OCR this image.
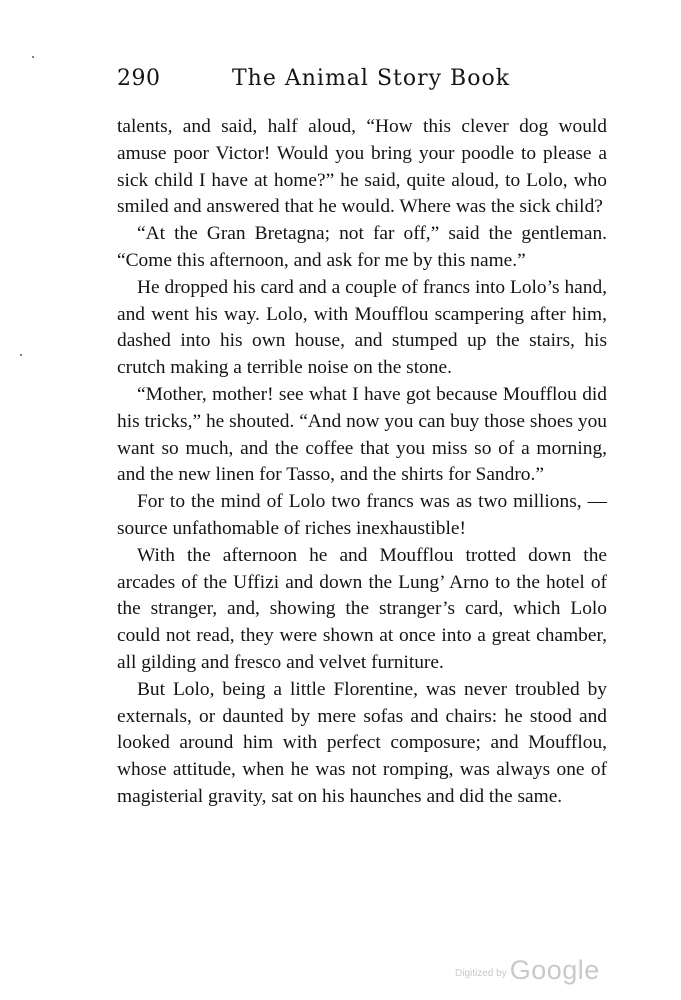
290	The Animal Story Book

talents, and said, half aloud, “How this clever dog would amuse poor Victor! Would you bring your poodle to please a sick child I have at home?” he said, quite aloud, to Lolo, who smiled and answered that he would. Where was the sick child?

“At the Gran Bretagna; not far off,” said the gentleman. “Come this afternoon, and ask for me by this name.”

He dropped his card and a couple of francs into Lolo’s hand, and went his way. Lolo, with Moufflou scampering after him, dashed into his own house, and stumped up the stairs, his crutch making a terrible noise on the stone.

“Mother, mother! see what I have got because Moufflou did his tricks,” he shouted. “And now you can buy those shoes you want so much, and the coffee that you miss so of a morning, and the new linen for Tasso, and the shirts for Sandro.”

For to the mind of Lolo two francs was as two millions, — source unfathomable of riches inexhaustible!

With the afternoon he and Moufflou trotted down the arcades of the Uffizi and down the Lung’ Arno to the hotel of the stranger, and, showing the stranger’s card, which Lolo could not read, they were shown at once into a great chamber, all gilding and fresco and velvet furniture.

But Lolo, being a little Florentine, was never troubled by externals, or daunted by mere sofas and chairs: he stood and looked around him with perfect composure; and Moufflou, whose attitude, when he was not romping, was always one of magisterial gravity, sat on his haunches and did the same.

Digitized by Google
